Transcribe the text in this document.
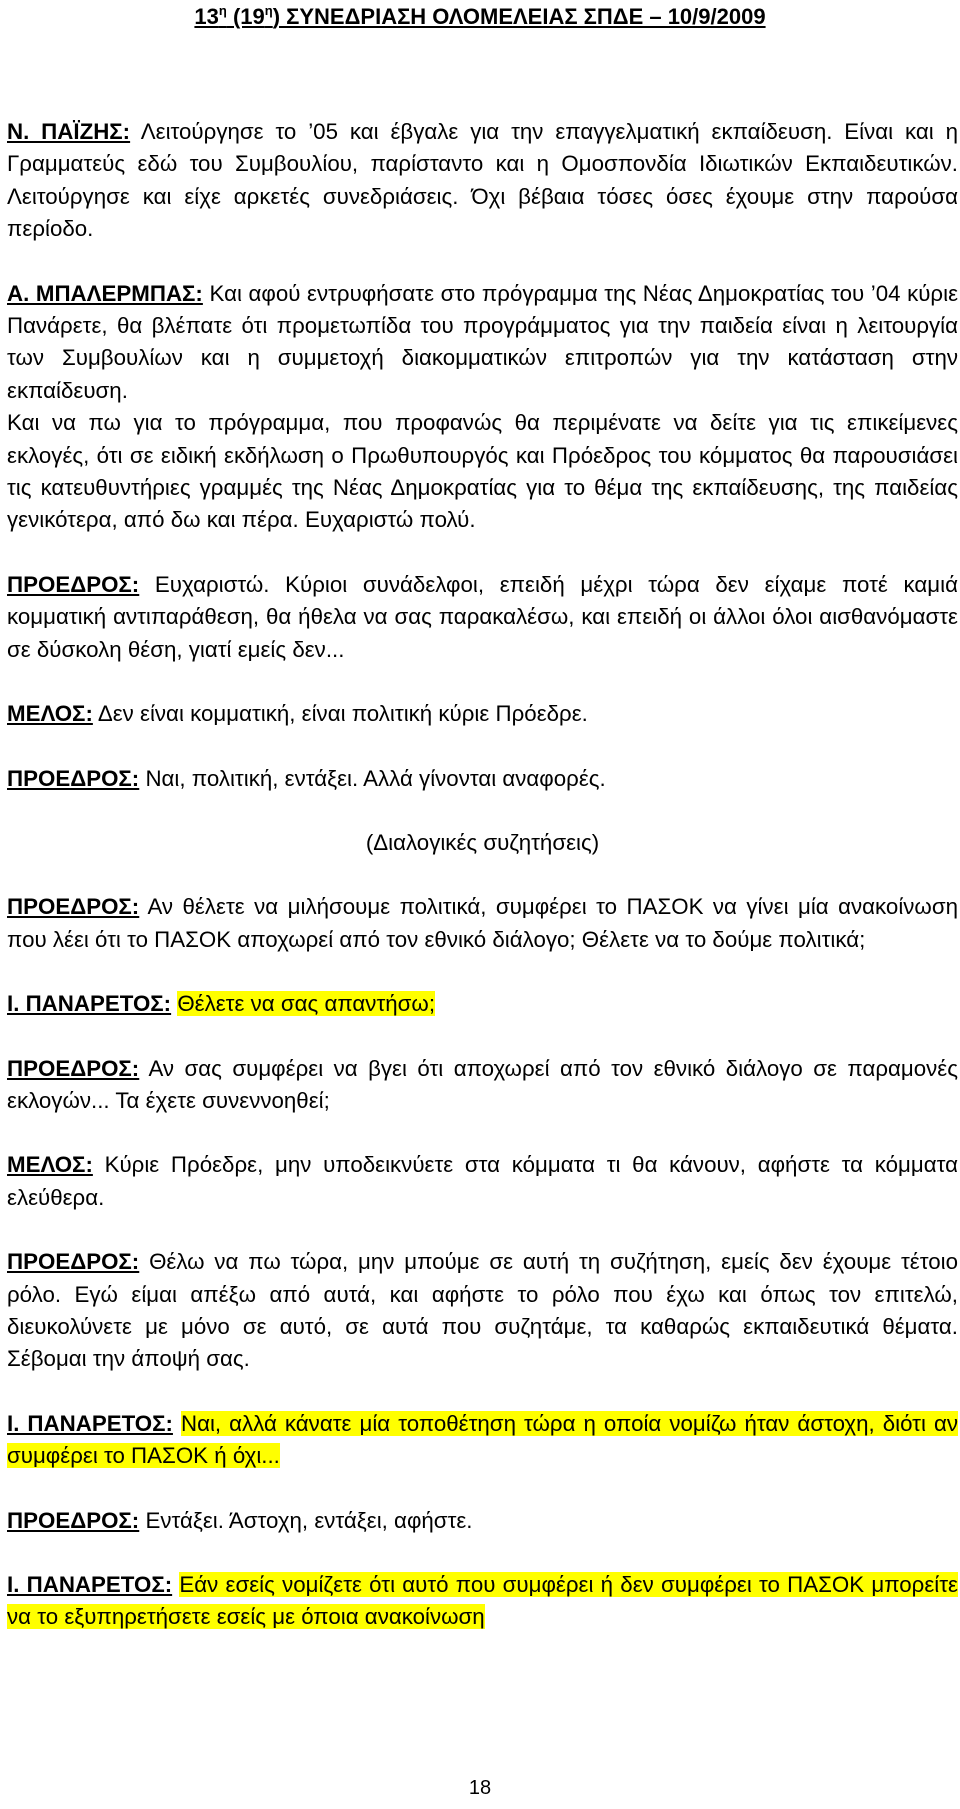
$13^\eta$ $(19^\eta)$ ΣΥΝΕΔΡΙΑΣΗ ΟΛΟΜΕΛΕΙΑΣ ΣΠΔΕ – 10/9/2009

Ν. ΠΑΪΖΗΣ: Λειτούργησε το ’05 και έβγαλε για την επαγγελματική εκπαίδευση. Είναι και η Γραμματεύς εδώ του Συμβουλίου, παρίσταντο και η Ομοσπονδία Ιδιωτικών Εκπαιδευτικών. Λειτούργησε και είχε αρκετές συνεδριάσεις. Όχι βέβαια τόσες όσες έχουμε στην παρούσα περίοδο.

Α. ΜΠΑΛΕΡΜΠΑΣ: Και αφού εντρυφήσατε στο πρόγραμμα της Νέας Δημοκρατίας του ’04 κύριε Πανάρετε, θα βλέπατε ότι προμετωπίδα του προγράμματος για την παιδεία είναι η λειτουργία των Συμβουλίων και η συμμετοχή διακομματικών επιτροπών για την κατάσταση στην εκπαίδευση.

Και να πω για το πρόγραμμα, που προφανώς θα περιμένατε να δείτε για τις επικείμενες εκλογές, ότι σε ειδική εκδήλωση ο Πρωθυπουργός και Πρόεδρος του κόμματος θα παρουσιάσει τις κατευθυντήριες γραμμές της Νέας Δημοκρατίας για το θέμα της εκπαίδευσης, της παιδείας γενικότερα, από δω και πέρα. Ευχαριστώ πολύ.

ΠΡΟΕΔΡΟΣ: Ευχαριστώ. Κύριοι συνάδελφοι, επειδή μέχρι τώρα δεν είχαμε ποτέ καμιά κομματική αντιπαράθεση, θα ήθελα να σας παρακαλέσω, και επειδή οι άλλοι όλοι αισθανόμαστε σε δύσκολη θέση, γιατί εμείς δεν...

ΜΕΛΟΣ: Δεν είναι κομματική, είναι πολιτική κύριε Πρόεδρε.

ΠΡΟΕΔΡΟΣ: Ναι, πολιτική, εντάξει. Αλλά γίνονται αναφορές.

(Διαλογικές συζητήσεις)

ΠΡΟΕΔΡΟΣ: Αν θέλετε να μιλήσουμε πολιτικά, συμφέρει το ΠΑΣΟΚ να γίνει μία ανακοίνωση που λέει ότι το ΠΑΣΟΚ αποχωρεί από τον εθνικό διάλογο; Θέλετε να το δούμε πολιτικά;

Ι. ΠΑΝΑΡΕΤΟΣ: Θέλετε να σας απαντήσω;

ΠΡΟΕΔΡΟΣ: Αν σας συμφέρει να βγει ότι αποχωρεί από τον εθνικό διάλογο σε παραμονές εκλογών... Τα έχετε συνεννοηθεί;

ΜΕΛΟΣ: Κύριε Πρόεδρε, μην υποδεικνύετε στα κόμματα τι θα κάνουν, αφήστε τα κόμματα ελεύθερα.

ΠΡΟΕΔΡΟΣ: Θέλω να πω τώρα, μην μπούμε σε αυτή τη συζήτηση, εμείς δεν έχουμε τέτοιο ρόλο. Εγώ είμαι απέξω από αυτά, και αφήστε το ρόλο που έχω και όπως τον επιτελώ, διευκολύνετε με μόνο σε αυτό, σε αυτά που συζητάμε, τα καθαρώς εκπαιδευτικά θέματα. Σέβομαι την άποψή σας.

Ι. ΠΑΝΑΡΕΤΟΣ: Ναι, αλλά κάνατε μία τοποθέτηση τώρα η οποία νομίζω ήταν άστοχη, διότι αν συμφέρει το ΠΑΣΟΚ ή όχι...

ΠΡΟΕΔΡΟΣ: Εντάξει. Άστοχη, εντάξει, αφήστε.

Ι. ΠΑΝΑΡΕΤΟΣ: Εάν εσείς νομίζετε ότι αυτό που συμφέρει ή δεν συμφέρει το ΠΑΣΟΚ μπορείτε να το εξυπηρετήσετε εσείς με όποια ανακοίνωση

18
